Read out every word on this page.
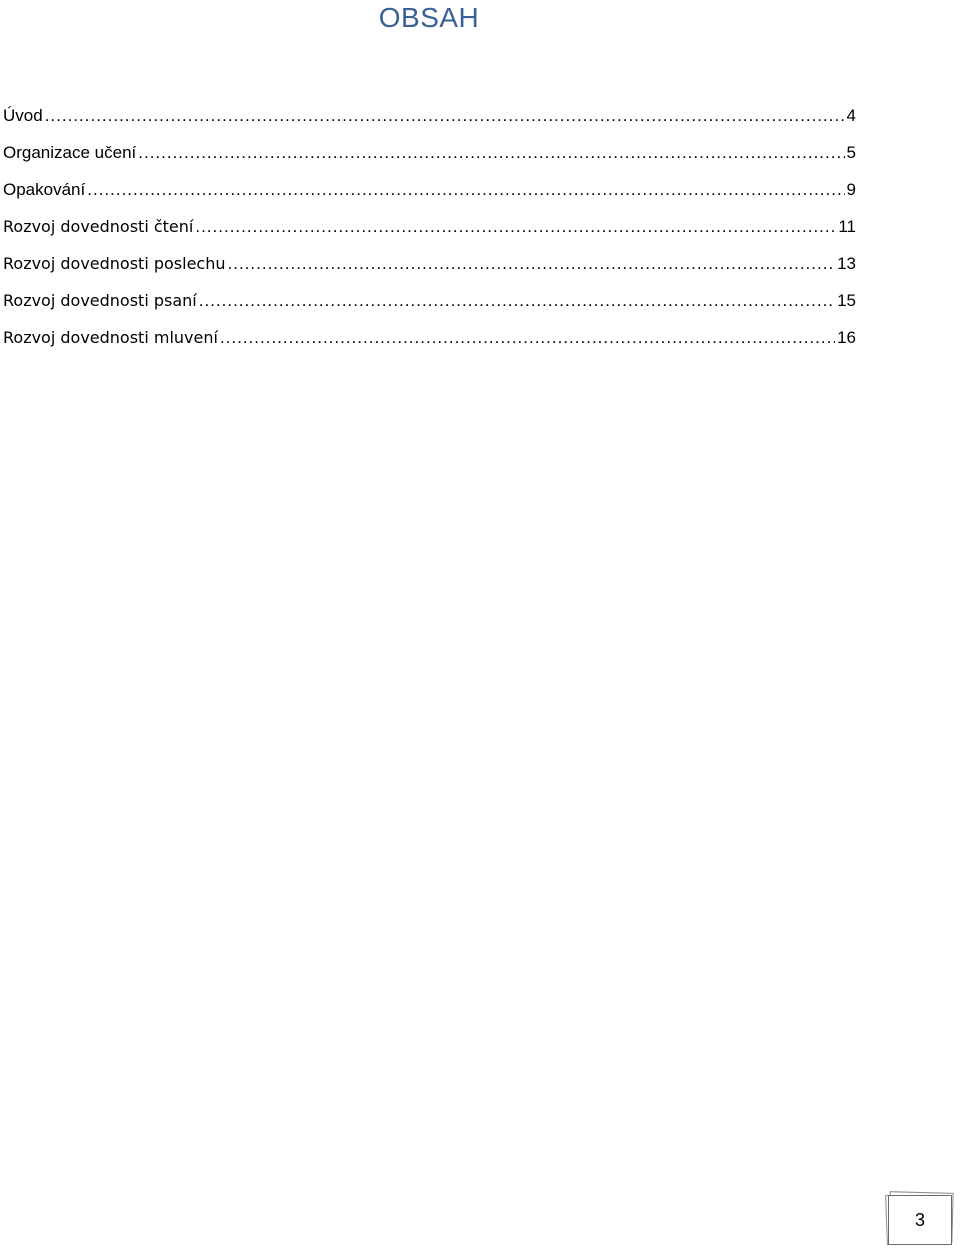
OBSAH
Úvod .....	4
Organizace učení .....	5
Opakování .....	9
Rozvoj dovednosti čtení .....	11
Rozvoj dovednosti poslechu .....	13
Rozvoj dovednosti psaní .....	15
Rozvoj dovednosti mluvení .....	16
3
